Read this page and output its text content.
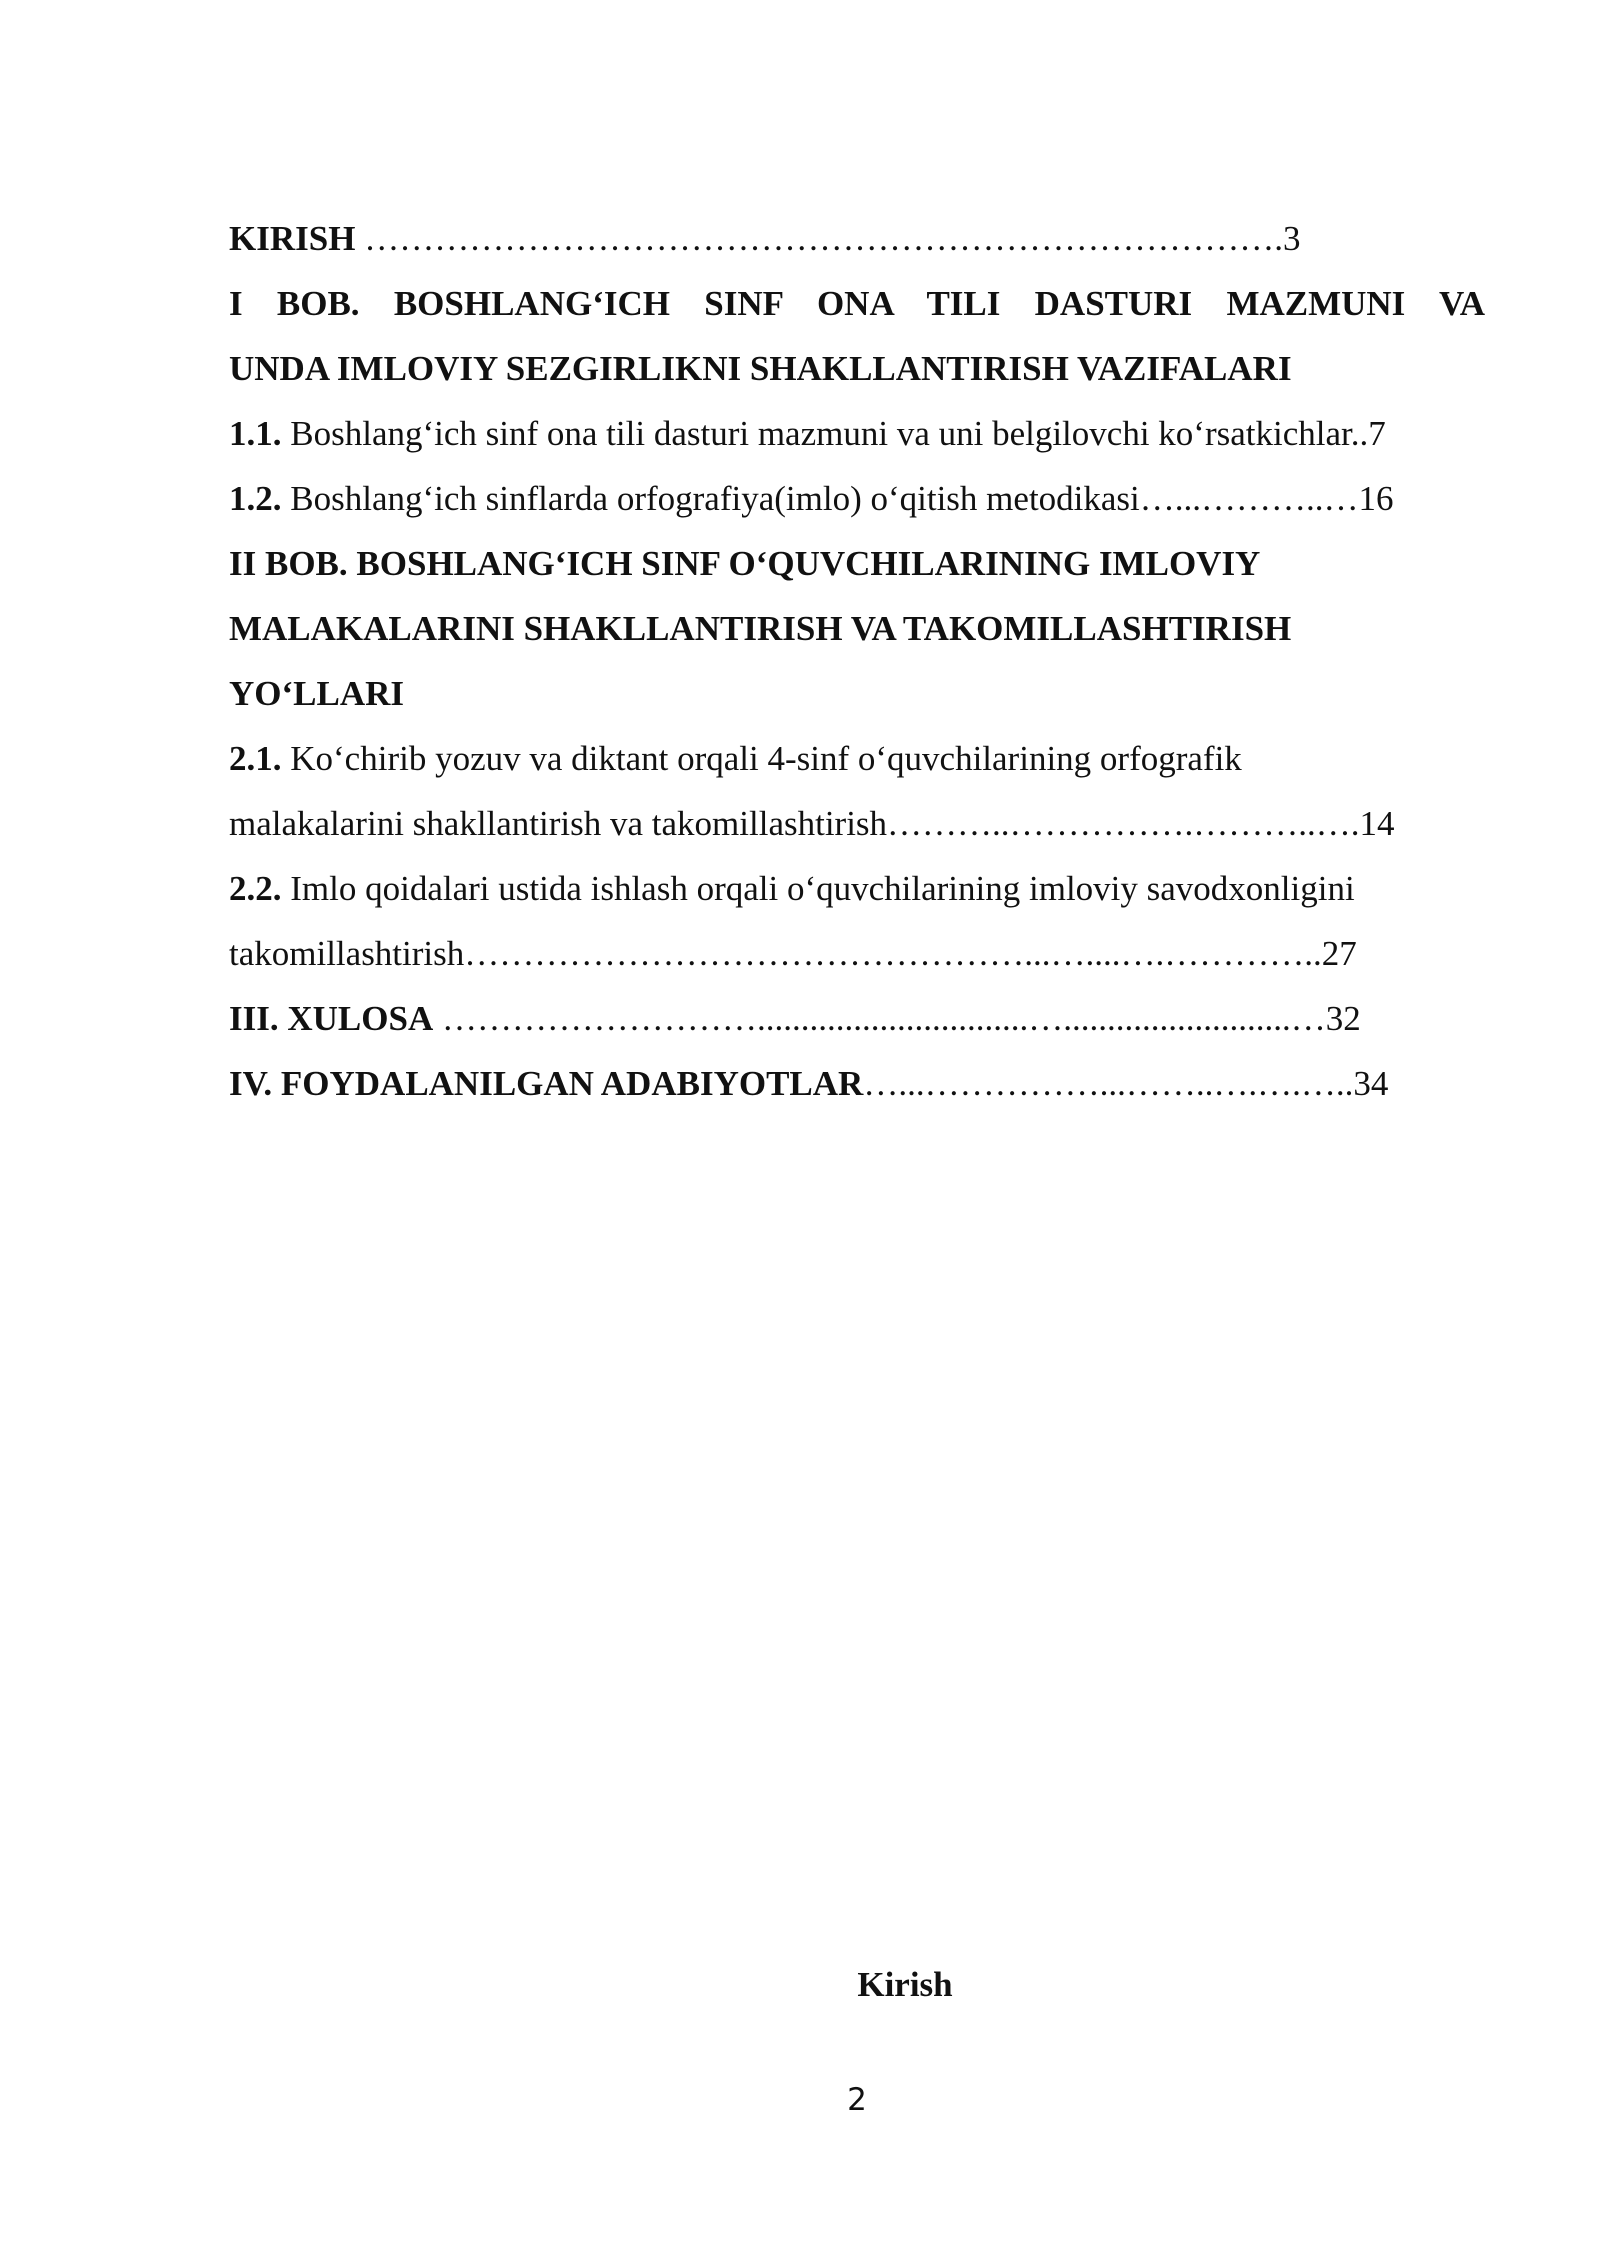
KIRISH …………………………………………………………………….3
I BOB. BOSHLANG‘ICH SINF ONA TILI DASTURI MAZMUNI VA
UNDA IMLOVIY SEZGIRLIKNI SHAKLLANTIRISH VAZIFALARI
1.1. Boshlang‘ich sinf ona tili dasturi mazmuni va uni belgilovchi ko‘rsatkichlar..7
1.2. Boshlang‘ich sinflarda orfografiya(imlo) o‘qitish metodikasi…...………..…16
II BOB. BOSHLANG‘ICH SINF O‘QUVCHILARINING IMLOVIY
MALAKALARINI SHAKLLANTIRISH VA TAKOMILLASHTIRISH
YO‘LLARI
2.1. Ko‘chirib yozuv va diktant orqali 4-sinf o‘quvchilarining orfografik
malakalarini shakllantirish va takomillashtirish………..…………….………..….14
2.2. Imlo qoidalari ustida ishlash orqali o‘quvchilarining imloviy savodxonligini
takomillashtirish…………………………………………...…....….…………..27
III. XULOSA ………………………...............................…..........................…32
IV. FOYDALANILGAN ADABIYOTLAR…...……………...……..….….…..34
Kirish
2
